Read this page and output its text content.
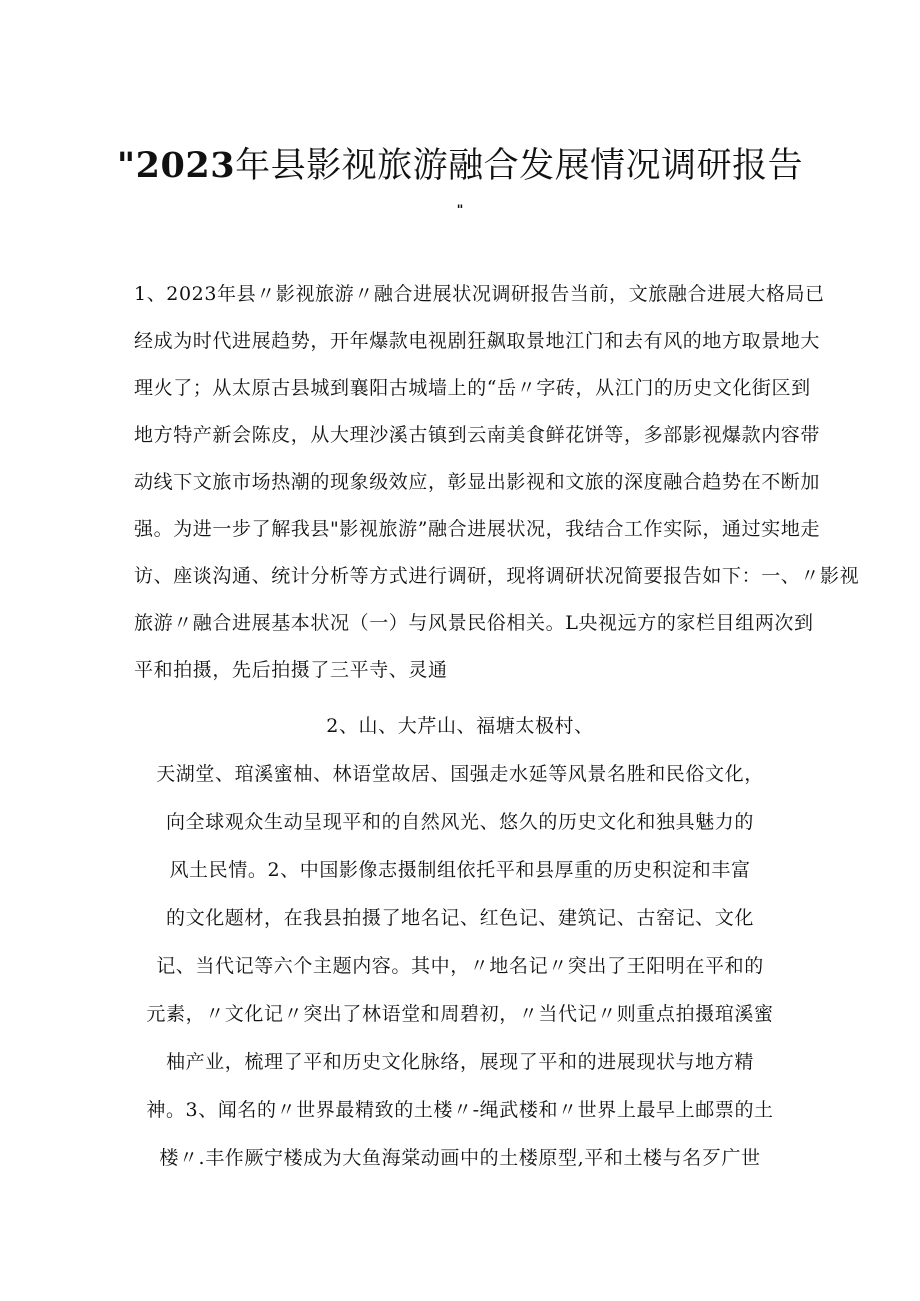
"2023年县影视旅游融合发展情况调研报告
"
1、2023年县〃影视旅游〃融合进展状况调研报告当前，文旅融合进展大格局已
经成为时代进展趋势，开年爆款电视剧狂飙取景地江门和去有风的地方取景地大
理火了；从太原古县城到襄阳古城墙上的“岳〃字砖，从江门的历史文化街区到
地方特产新会陈皮，从大理沙溪古镇到云南美食鲜花饼等，多部影视爆款内容带
动线下文旅市场热潮的现象级效应，彰显出影视和文旅的深度融合趋势在不断加
强。为进一步了解我县"影视旅游”融合进展状况，我结合工作实际，通过实地走
访、座谈沟通、统计分析等方式进行调研，现将调研状况简要报告如下：一、〃影视
旅游〃融合进展基本状况（一）与风景民俗相关。L央视远方的家栏目组两次到
平和拍摄，先后拍摄了三平寺、灵通
2、山、大芹山、福塘太极村、
天湖堂、琯溪蜜柚、林语堂故居、国强走水延等风景名胜和民俗文化，
向全球观众生动呈现平和的自然风光、悠久的历史文化和独具魅力的
风土民情。2、中国影像志摄制组依托平和县厚重的历史积淀和丰富
的文化题材，在我县拍摄了地名记、红色记、建筑记、古窑记、文化
记、当代记等六个主题内容。其中，〃地名记〃突出了王阳明在平和的
元素，〃文化记〃突出了林语堂和周碧初，〃当代记〃则重点拍摄琯溪蜜
柚产业，梳理了平和历史文化脉络，展现了平和的进展现状与地方精
神。3、闻名的〃世界最精致的土楼〃-绳武楼和〃世界上最早上邮票的土
楼〃.丰作厥宁楼成为大鱼海棠动画中的土楼原型,平和土楼与名歹广世
